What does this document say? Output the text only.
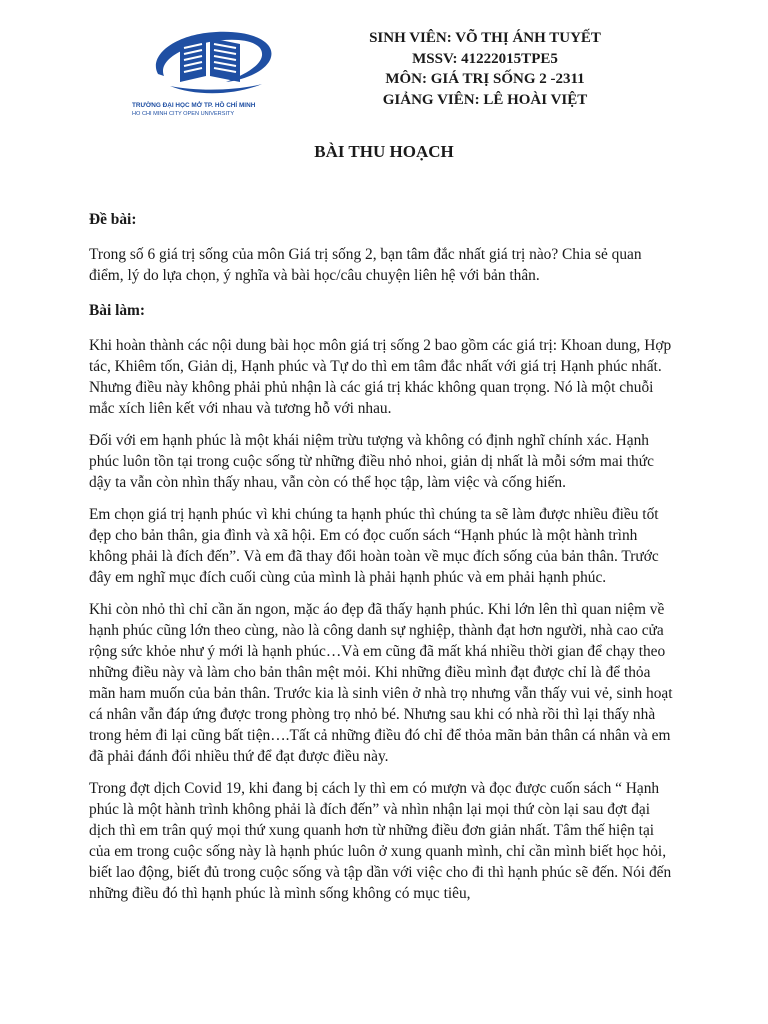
TRƯỜNG ĐẠI HỌC MỞ TP. HỒ CHÍ MINH
HO CHI MINH CITY OPEN UNIVERSITY
SINH VIÊN: VÕ THỊ ÁNH TUYẾT
MSSV: 41222015TPE5
MÔN: GIÁ TRỊ SỐNG 2 -2311
GIẢNG VIÊN: LÊ HOÀI VIỆT
BÀI THU HOẠCH

Đề bài:

Trong số 6 giá trị sống của môn Giá trị sống 2, bạn tâm đắc nhất giá trị nào? Chia sẻ quan điểm, lý do lựa chọn, ý nghĩa và bài học/câu chuyện liên hệ với bản thân.

Bài làm:

Khi hoàn thành các nội dung bài học môn giá trị sống 2 bao gồm các giá trị: Khoan dung, Hợp tác, Khiêm tốn, Giản dị, Hạnh phúc và Tự do thì em tâm đắc nhất với giá trị Hạnh phúc nhất. Nhưng điều này không phải phủ nhận là các giá trị khác không quan trọng. Nó là một chuỗi mắc xích liên kết với nhau và tương hỗ với nhau.

Đối với em hạnh phúc là một khái niệm trừu tượng và không có định nghĩ chính xác. Hạnh phúc luôn tồn tại trong cuộc sống từ những điều nhỏ nhoi, giản dị nhất là mỗi sớm mai thức dậy ta vẫn còn nhìn thấy nhau, vẫn còn có thể học tập, làm việc và cống hiến.

Em chọn giá trị hạnh phúc vì khi chúng ta hạnh phúc thì chúng ta sẽ làm được nhiều điều tốt đẹp cho bản thân, gia đình và xã hội. Em có đọc cuốn sách “Hạnh phúc là một hành trình không phải là đích đến”. Và em đã thay đổi hoàn toàn về mục đích sống của bản thân. Trước đây em nghĩ mục đích cuối cùng của mình là phải hạnh phúc và em phải hạnh phúc.

Khi còn nhỏ thì chỉ cần ăn ngon, mặc áo đẹp đã thấy hạnh phúc. Khi lớn lên thì quan niệm về hạnh phúc cũng lớn theo cùng, nào là công danh sự nghiệp, thành đạt hơn người, nhà cao cửa rộng sức khỏe như ý mới là hạnh phúc…Và em cũng đã mất khá nhiều thời gian để chạy theo những điều này và làm cho bản thân mệt mỏi. Khi những điều mình đạt được chỉ là để thỏa mãn ham muốn của bản thân. Trước kia là sinh viên ở nhà trọ nhưng vẫn thấy vui vẻ, sinh hoạt cá nhân vẫn đáp ứng được trong phòng trọ nhỏ bé. Nhưng sau khi có nhà rồi thì lại thấy nhà trong hẻm đi lại cũng bất tiện….Tất cả những điều đó chỉ để thỏa mãn bản thân cá nhân và em đã phải đánh đổi nhiều thứ để đạt được điều này.

Trong đợt dịch Covid 19, khi đang bị cách ly thì em có mượn và đọc được cuốn sách “ Hạnh phúc là một hành trình không phải là đích đến” và nhìn nhận lại mọi thứ còn lại sau đợt đại dịch thì em trân quý mọi thứ xung quanh hơn từ những điều đơn giản nhất. Tâm thế hiện tại của em trong cuộc sống này là hạnh phúc luôn ở xung quanh mình, chỉ cần mình biết học hỏi, biết lao động, biết đủ trong cuộc sống và tập dần với việc cho đi thì hạnh phúc sẽ đến. Nói đến những điều đó thì hạnh phúc là mình sống không có mục tiêu,
